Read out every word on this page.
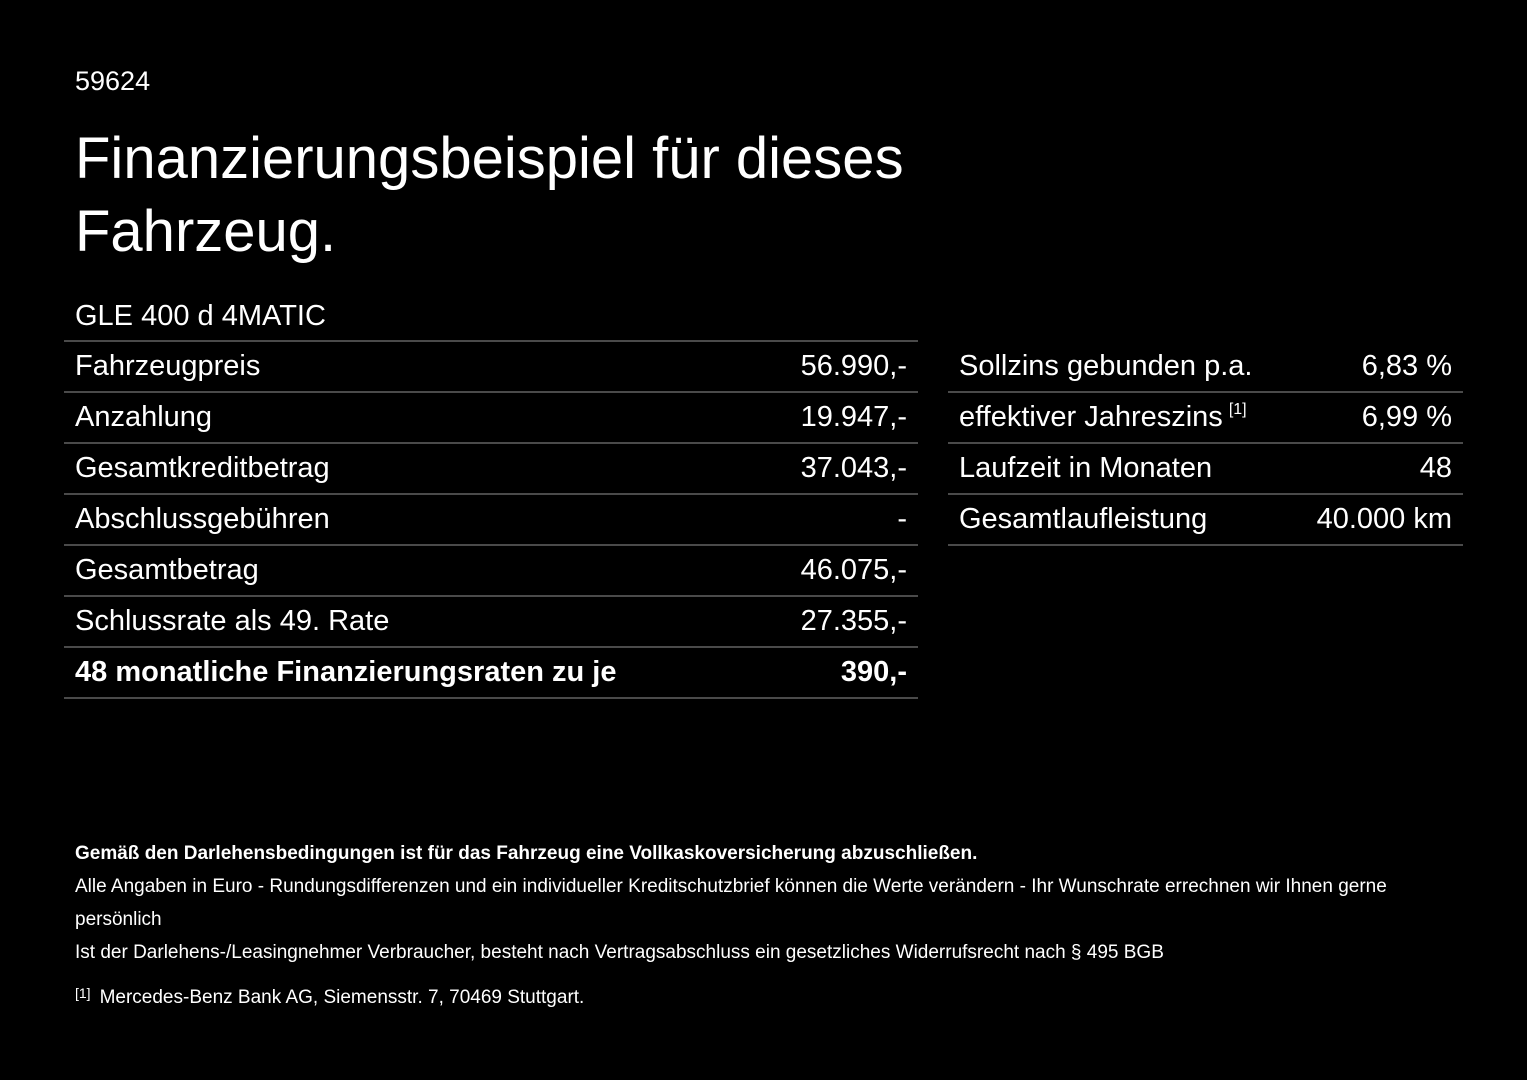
59624
Finanzierungsbeispiel für dieses Fahrzeug.
GLE 400 d 4MATIC
Fahrzeugpreis	56.990,-
Anzahlung	19.947,-
Gesamtkreditbetrag	37.043,-
Abschlussgebühren	-
Gesamtbetrag	46.075,-
Schlussrate als 49. Rate	27.355,-
48 monatliche Finanzierungsraten zu je	390,-
Sollzins gebunden p.a.	6,83 %
effektiver Jahreszins [1]	6,99 %
Laufzeit in Monaten	48
Gesamtlaufleistung	40.000 km
Gemäß den Darlehensbedingungen ist für das Fahrzeug eine Vollkaskoversicherung abzuschließen.
Alle Angaben in Euro - Rundungsdifferenzen und ein individueller Kreditschutzbrief können die Werte verändern - Ihr Wunschrate errechnen wir Ihnen gerne persönlich
Ist der Darlehens-/Leasingnehmer Verbraucher, besteht nach Vertragsabschluss ein gesetzliches Widerrufsrecht nach § 495 BGB
[1] Mercedes-Benz Bank AG, Siemensstr. 7, 70469 Stuttgart.
